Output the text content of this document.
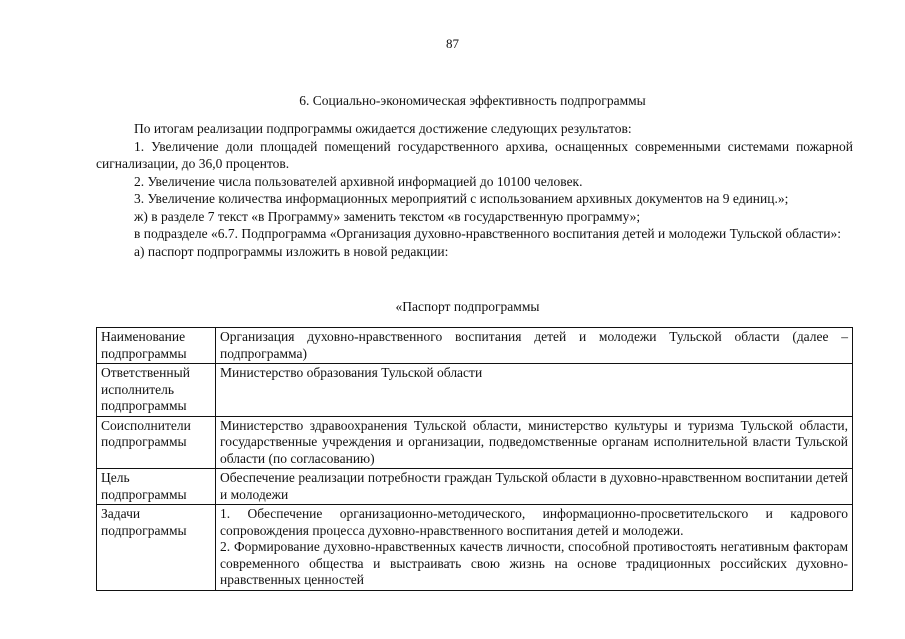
87
6. Социально-экономическая эффективность подпрограммы

По итогам реализации подпрограммы ожидается достижение следующих результатов:

1. Увеличение доли площадей помещений государственного архива, оснащенных современными системами пожарной сигнализации, до 36,0 процентов.

2. Увеличение числа пользователей архивной информацией до 10100 человек.

3. Увеличение количества информационных мероприятий с использованием архивных документов на 9 единиц.»;

ж) в разделе 7 текст «в Программу» заменить текстом «в государственную программу»;

в подразделе «6.7. Подпрограмма «Организация духовно-нравственного воспитания детей и молодежи Тульской области»:

а) паспорт подпрограммы изложить в новой редакции:

«Паспорт подпрограммы
Наименование подпрограммы	Организация духовно-нравственного воспитания детей и молодежи Тульской области (далее – подпрограмма)

Ответственный исполнитель подпрограммы	Министерство образования Тульской области

Соисполнители подпрограммы	Министерство здравоохранения Тульской области, министерство культуры и туризма Тульской области, государственные учреждения и организации, подведомственные органам исполнительной власти Тульской области (по согласованию)

Цель подпрограммы	Обеспечение реализации потребности граждан Тульской области в духовно-нравственном воспитании детей и молодежи

Задачи подпрограммы	1. Обеспечение организационно-методического, информационно-просветительского и кадрового сопровождения процесса духовно-нравственного воспитания детей и молодежи.
2. Формирование духовно-нравственных качеств личности, способной противостоять негативным факторам современного общества и выстраивать свою жизнь на основе традиционных российских духовно-нравственных ценностей
